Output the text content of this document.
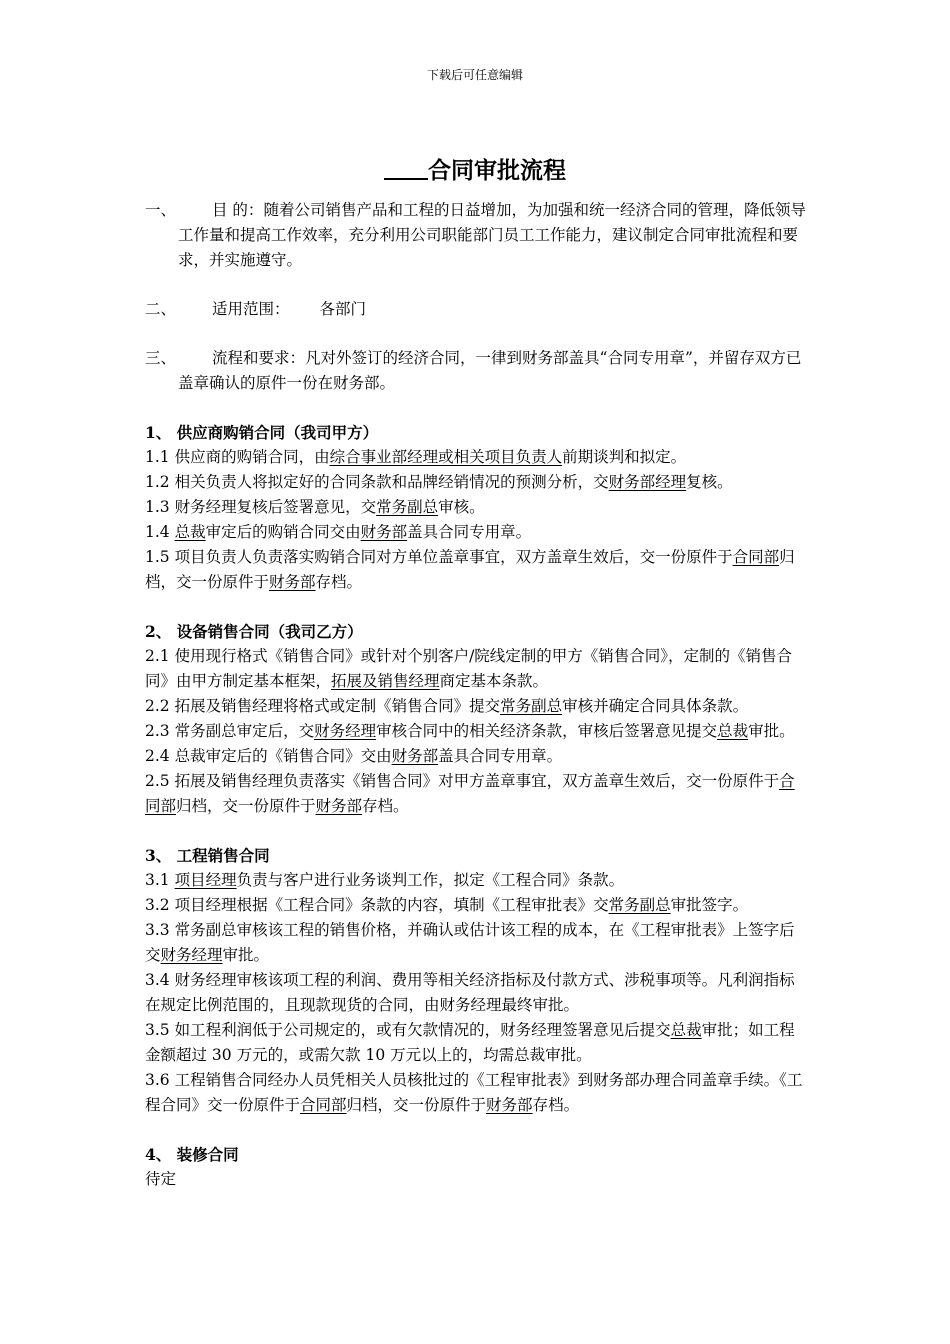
下载后可任意编辑
合同审批流程
一、 目 的：随着公司销售产品和工程的日益增加，为加强和统一经济合同的管理，降低领导工作量和提高工作效率，充分利用公司职能部门员工工作能力，建议制定合同审批流程和要求，并实施遵守。
二、 适用范围： 各部门
三、 流程和要求：凡对外签订的经济合同，一律到财务部盖具“合同专用章”，并留存双方已盖章确认的原件一份在财务部。

1、 供应商购销合同（我司甲方）

1.1 供应商的购销合同，由综合事业部经理或相关项目负责人前期谈判和拟定。

1.2 相关负责人将拟定好的合同条款和品牌经销情况的预测分析，交财务部经理复核。

1.3 财务经理复核后签署意见，交常务副总审核。

1.4 总裁审定后的购销合同交由财务部盖具合同专用章。

1.5 项目负责人负责落实购销合同对方单位盖章事宜，双方盖章生效后，交一份原件于合同部归档，交一份原件于财务部存档。

2、 设备销售合同（我司乙方）

2.1 使用现行格式《销售合同》或针对个别客户/院线定制的甲方《销售合同》，定制的《销售合同》由甲方制定基本框架，拓展及销售经理商定基本条款。

2.2 拓展及销售经理将格式或定制《销售合同》提交常务副总审核并确定合同具体条款。

2.3 常务副总审定后，交财务经理审核合同中的相关经济条款，审核后签署意见提交总裁审批。

2.4 总裁审定后的《销售合同》交由财务部盖具合同专用章。

2.5 拓展及销售经理负责落实《销售合同》对甲方盖章事宜，双方盖章生效后，交一份原件于合同部归档，交一份原件于财务部存档。

3、 工程销售合同

3.1 项目经理负责与客户进行业务谈判工作，拟定《工程合同》条款。

3.2 项目经理根据《工程合同》条款的内容，填制《工程审批表》交常务副总审批签字。

3.3 常务副总审核该工程的销售价格，并确认或估计该工程的成本，在《工程审批表》上签字后交财务经理审批。

3.4 财务经理审核该项工程的利润、费用等相关经济指标及付款方式、涉税事项等。凡利润指标在规定比例范围的，且现款现货的合同，由财务经理最终审批。

3.5 如工程利润低于公司规定的，或有欠款情况的，财务经理签署意见后提交总裁审批；如工程金额超过 30 万元的，或需欠款 10 万元以上的，均需总裁审批。

3.6 工程销售合同经办人员凭相关人员核批过的《工程审批表》到财务部办理合同盖章手续。《工程合同》交一份原件于合同部归档，交一份原件于财务部存档。

4、 装修合同

待定
